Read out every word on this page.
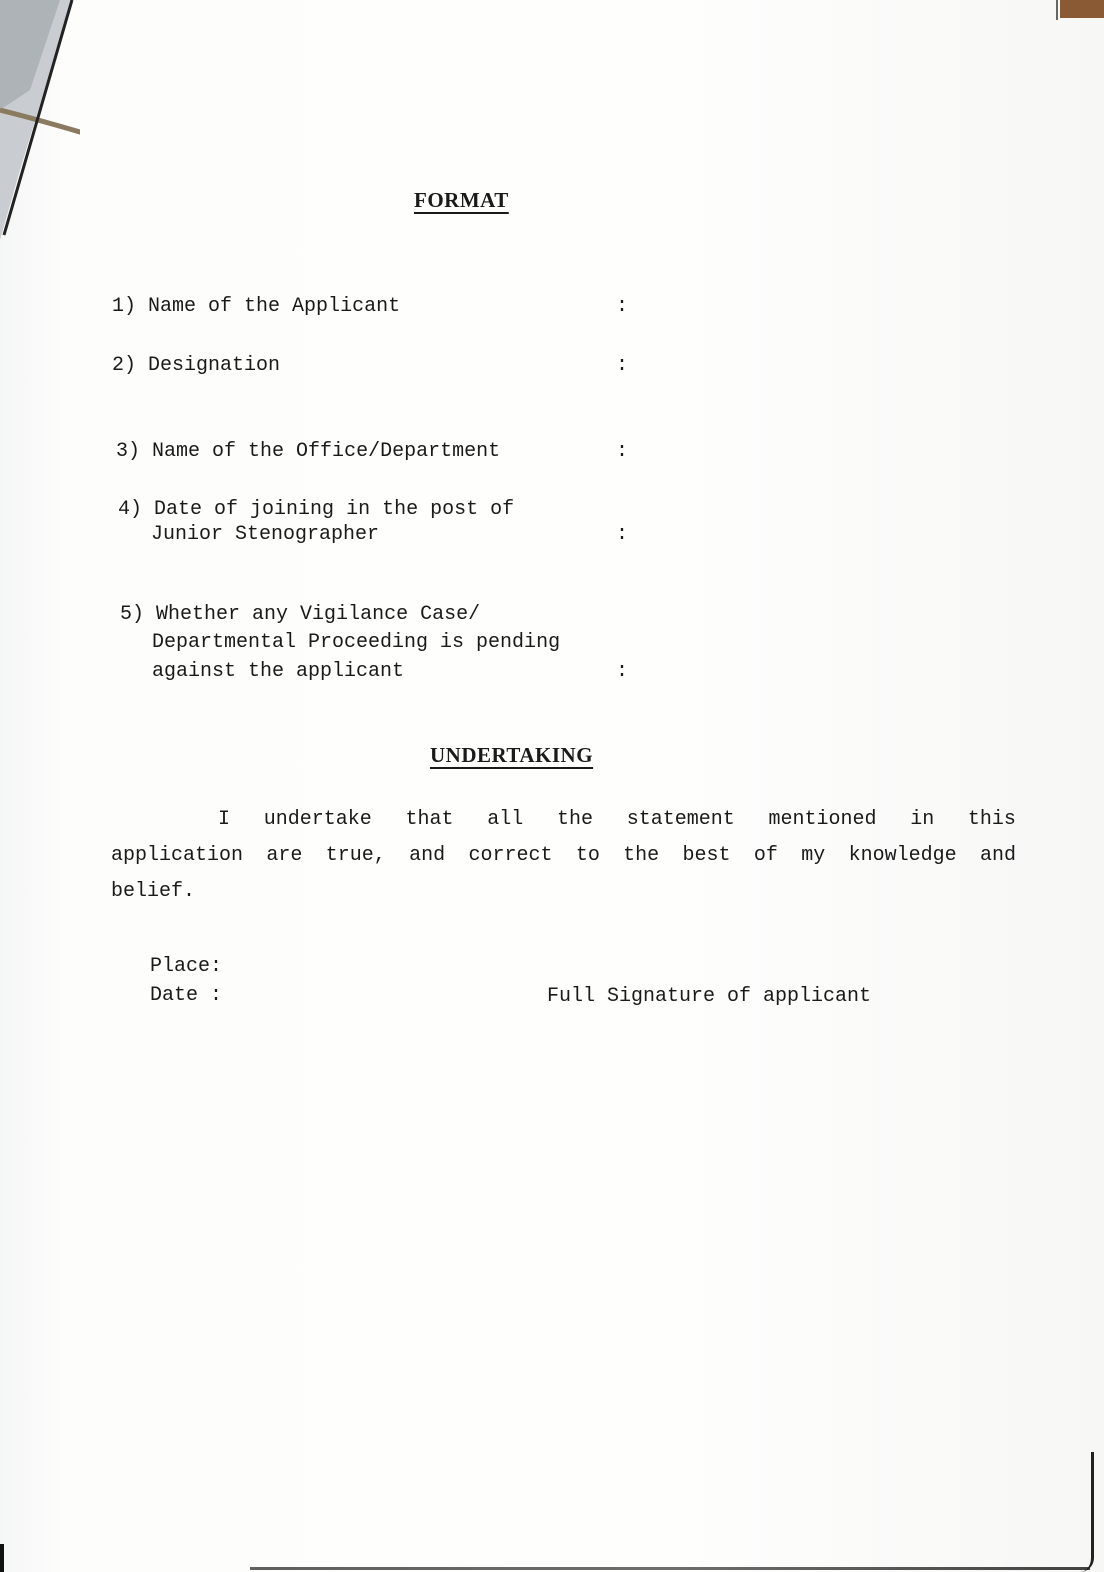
FORMAT
1) Name of the Applicant	:
2) Designation	:
3) Name of the Office/Department	:
4) Date of joining in the post of
Junior Stenographer	:
5) Whether any Vigilance Case/
Departmental Proceeding is pending
against the applicant	:
UNDERTAKING
I undertake that all the statement mentioned in this
application are true, and correct to the best of my knowledge and
belief.
Place:
Date :	Full Signature of applicant
